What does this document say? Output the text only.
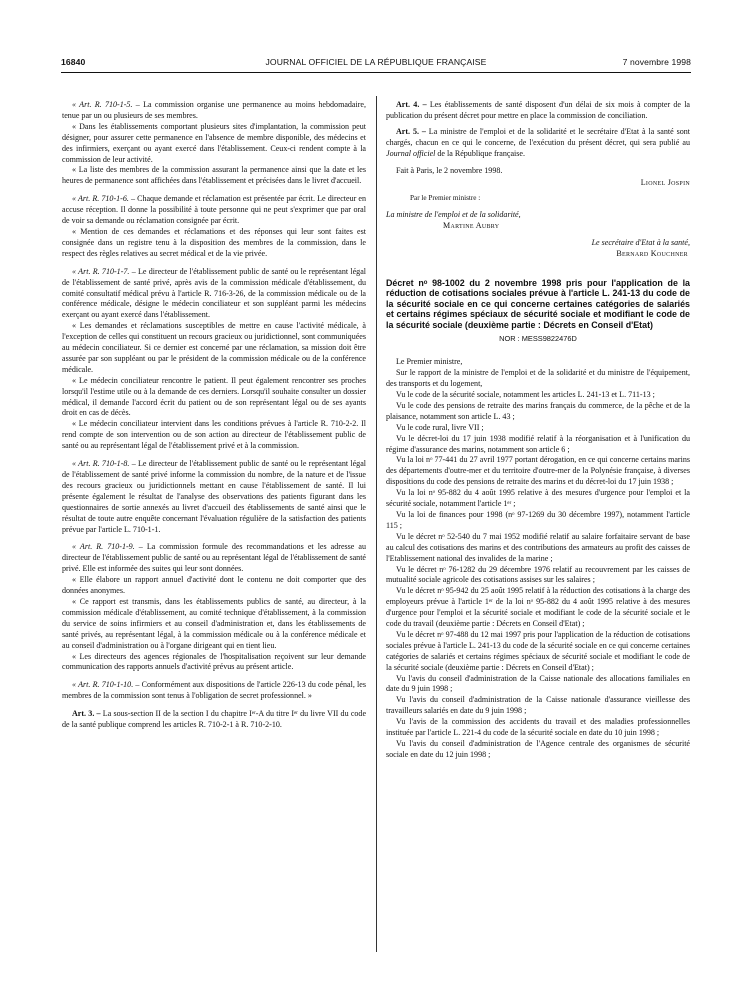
16840	JOURNAL OFFICIEL DE LA RÉPUBLIQUE FRANÇAISE	7 novembre 1998

« Art. R. 710-1-5. – La commission organise une permanence au moins hebdomadaire, tenue par un ou plusieurs de ses membres.

« Dans les établissements comportant plusieurs sites d'implantation, la commission peut désigner, pour assurer cette permanence en l'absence de membre disponible, des médecins et des infirmiers, exerçant ou ayant exercé dans l'établissement. Ceux-ci rendent compte à la commission de leur activité.

« La liste des membres de la commission assurant la permanence ainsi que la date et les heures de permanence sont affichées dans l'établissement et précisées dans le livret d'accueil.

« Art. R. 710-1-6. – Chaque demande et réclamation est présentée par écrit. Le directeur en accuse réception. Il donne la possibilité à toute personne qui ne peut s'exprimer que par oral de voir sa demande ou réclamation consignée par écrit.

« Mention de ces demandes et réclamations et des réponses qui leur sont faites est consignée dans un registre tenu à la disposition des membres de la commission, dans le respect des règles relatives au secret médical et de la vie privée.

« Art. R. 710-1-7. – Le directeur de l'établissement public de santé ou le représentant légal de l'établissement de santé privé, après avis de la commission médicale d'établissement, du comité consultatif médical prévu à l'article R. 716-3-26, de la commission médicale ou de la conférence médicale, désigne le médecin conciliateur et son suppléant parmi les médecins exerçant ou ayant exercé dans l'établissement.

« Les demandes et réclamations susceptibles de mettre en cause l'activité médicale, à l'exception de celles qui constituent un recours gracieux ou juridictionnel, sont communiquées au médecin conciliateur. Si ce dernier est concerné par une réclamation, sa mission doit être assurée par son suppléant ou par le président de la commission médicale ou de la conférence médicale.

« Le médecin conciliateur rencontre le patient. Il peut également rencontrer ses proches lorsqu'il l'estime utile ou à la demande de ces derniers. Lorsqu'il souhaite consulter un dossier médical, il demande l'accord écrit du patient ou de son représentant légal ou de ses ayants droit en cas de décès.

« Le médecin conciliateur intervient dans les conditions prévues à l'article R. 710-2-2. Il rend compte de son intervention ou de son action au directeur de l'établissement public de santé ou au représentant légal de l'établissement privé et à la commission.

« Art. R. 710-1-8. – Le directeur de l'établissement public de santé ou le représentant légal de l'établissement de santé privé informe la commission du nombre, de la nature et de l'issue des recours gracieux ou juridictionnels mettant en cause l'établissement de santé. Il lui présente également le résultat de l'analyse des observations des patients figurant dans les questionnaires de sortie annexés au livret d'accueil des établissements de santé ainsi que le résultat de toute autre enquête concernant l'évaluation régulière de la satisfaction des patients prévue par l'article L. 710-1-1.

« Art. R. 710-1-9. – La commission formule des recommandations et les adresse au directeur de l'établissement public de santé ou au représentant légal de l'établissement de santé privé. Elle est informée des suites qui leur sont données.

« Elle élabore un rapport annuel d'activité dont le contenu ne doit comporter que des données anonymes.

« Ce rapport est transmis, dans les établissements publics de santé, au directeur, à la commission médicale d'établissement, au comité technique d'établissement, à la commission du service de soins infirmiers et au conseil d'administration et, dans les établissements de santé privés, au représentant légal, à la commission médicale ou à la conférence médicale et au conseil d'administration ou à l'organe dirigeant qui en tient lieu.

« Les directeurs des agences régionales de l'hospitalisation reçoivent sur leur demande communication des rapports annuels d'activité prévus au présent article.

« Art. R. 710-1-10. – Conformément aux dispositions de l'article 226-13 du code pénal, les membres de la commission sont tenus à l'obligation de secret professionnel. »

Art. 3. – La sous-section II de la section I du chapitre Iᵉʳ-A du titre Iᵉʳ du livre VII du code de la santé publique comprend les articles R. 710-2-1 à R. 710-2-10.

Art. 4. – Les établissements de santé disposent d'un délai de six mois à compter de la publication du présent décret pour mettre en place la commission de conciliation.

Art. 5. – La ministre de l'emploi et de la solidarité et le secrétaire d'Etat à la santé sont chargés, chacun en ce qui le concerne, de l'exécution du présent décret, qui sera publié au Journal officiel de la République française.

Fait à Paris, le 2 novembre 1998.

Lionel Jospin

Par le Premier ministre :

La ministre de l'emploi et de la solidarité,

Martine Aubry

Le secrétaire d'Etat à la santé,

Bernard Kouchner

Décret nᵒ 98-1002 du 2 novembre 1998 pris pour l'application de la réduction de cotisations sociales prévue à l'article L. 241-13 du code de la sécurité sociale en ce qui concerne certaines catégories de salariés et certains régimes spéciaux de sécurité sociale et modifiant le code de la sécurité sociale (deuxième partie : Décrets en Conseil d'Etat)

NOR : MESS9822476D

Le Premier ministre,

Sur le rapport de la ministre de l'emploi et de la solidarité et du ministre de l'équipement, des transports et du logement,

Vu le code de la sécurité sociale, notamment les articles L. 241-13 et L. 711-13 ;

Vu le code des pensions de retraite des marins français du commerce, de la pêche et de la plaisance, notamment son article L. 43 ;

Vu le code rural, livre VII ;

Vu le décret-loi du 17 juin 1938 modifié relatif à la réorganisation et à l'unification du régime d'assurance des marins, notamment son article 6 ;

Vu la loi nᵒ 77-441 du 27 avril 1977 portant dérogation, en ce qui concerne certains marins des départements d'outre-mer et du territoire d'outre-mer de la Polynésie française, à diverses dispositions du code des pensions de retraite des marins et du décret-loi du 17 juin 1938 ;

Vu la loi nᵒ 95-882 du 4 août 1995 relative à des mesures d'urgence pour l'emploi et la sécurité sociale, notamment l'article 1ᵉʳ ;

Vu la loi de finances pour 1998 (nᵒ 97-1269 du 30 décembre 1997), notamment l'article 115 ;

Vu le décret nᵒ 52-540 du 7 mai 1952 modifié relatif au salaire forfaitaire servant de base au calcul des cotisations des marins et des contributions des armateurs au profit des caisses de l'Etablissement national des invalides de la marine ;

Vu le décret nᵒ 76-1282 du 29 décembre 1976 relatif au recouvrement par les caisses de mutualité sociale agricole des cotisations assises sur les salaires ;

Vu le décret nᵒ 95-942 du 25 août 1995 relatif à la réduction des cotisations à la charge des employeurs prévue à l'article 1ᵉʳ de la loi nᵒ 95-882 du 4 août 1995 relative à des mesures d'urgence pour l'emploi et la sécurité sociale et modifiant le code de la sécurité sociale et le code du travail (deuxième partie : Décrets en Conseil d'Etat) ;

Vu le décret nᵒ 97-488 du 12 mai 1997 pris pour l'application de la réduction de cotisations sociales prévue à l'article L. 241-13 du code de la sécurité sociale en ce qui concerne certaines catégories de salariés et certains régimes spéciaux de sécurité sociale et modifiant le code de la sécurité sociale (deuxième partie : Décrets en Conseil d'Etat) ;

Vu l'avis du conseil d'administration de la Caisse nationale des allocations familiales en date du 9 juin 1998 ;

Vu l'avis du conseil d'administration de la Caisse nationale d'assurance vieillesse des travailleurs salariés en date du 9 juin 1998 ;

Vu l'avis de la commission des accidents du travail et des maladies professionnelles instituée par l'article L. 221-4 du code de la sécurité sociale en date du 10 juin 1998 ;

Vu l'avis du conseil d'administration de l'Agence centrale des organismes de sécurité sociale en date du 12 juin 1998 ;
